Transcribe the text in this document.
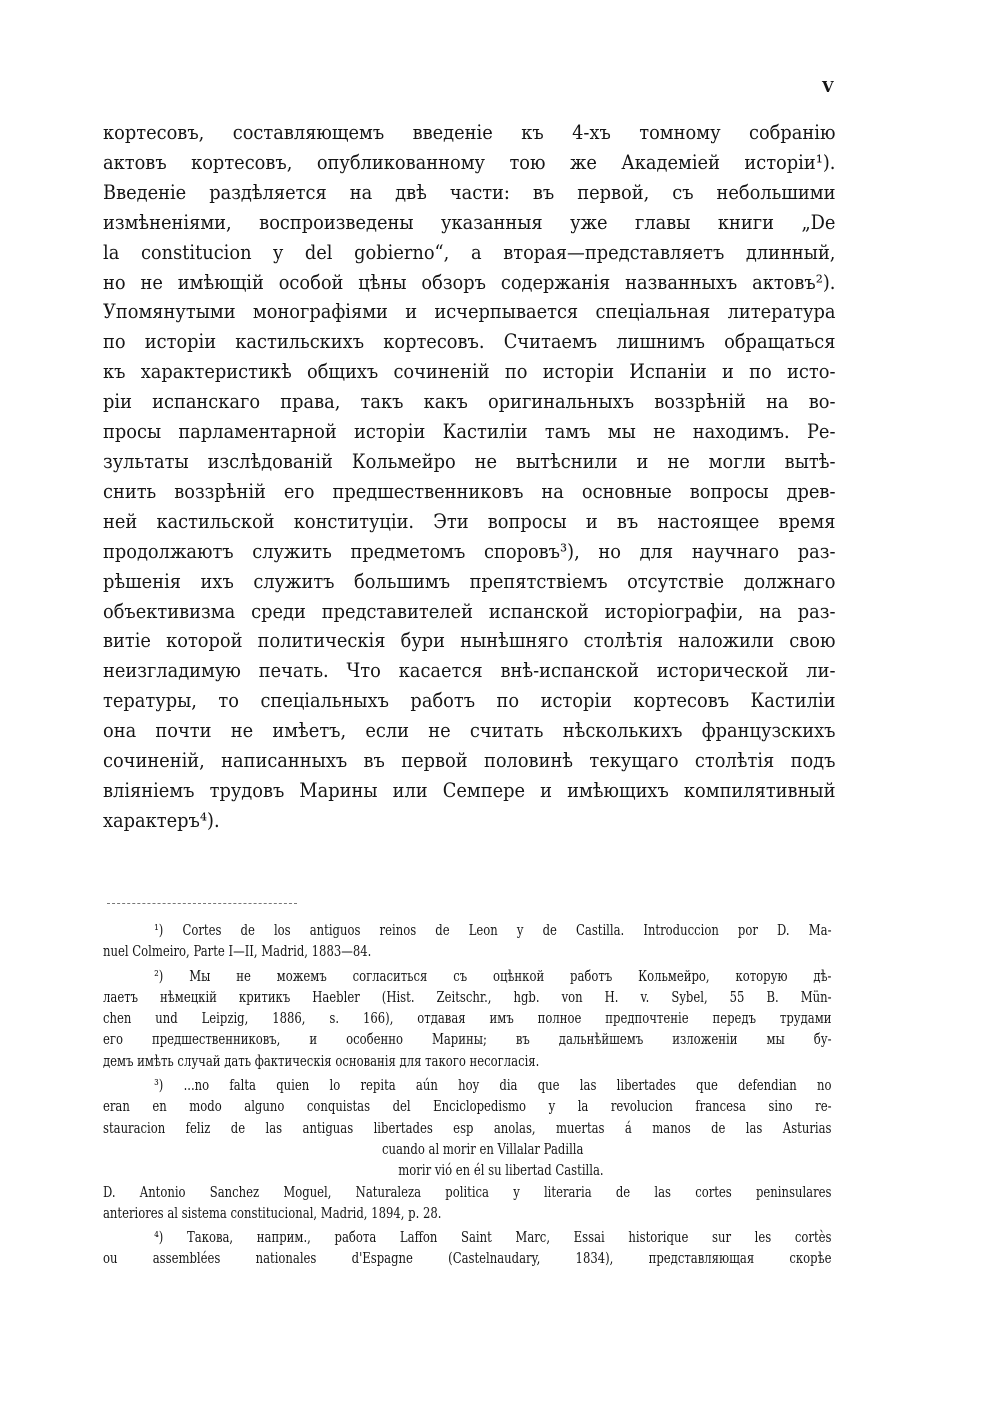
V
кортесовъ, составляющемъ введеніе къ 4-хъ томному собранію
актовъ кортесовъ, опубликованному тою же Академіей исторіи¹).
Введеніе раздѣляется на двѣ части: въ первой, съ небольшими
измѣненіями, воспроизведены указанныя уже главы книги „De
la constitucion y del gobierno“, а вторая—представляетъ длинный,
но не имѣющій особой цѣны обзоръ содержанія названныхъ актовъ²).
Упомянутыми монографіями и исчерпывается спеціальная литература
по исторіи кастильскихъ кортесовъ. Считаемъ лишнимъ обращаться
къ характеристикѣ общихъ сочиненій по исторіи Испаніи и по исто-
ріи испанскаго права, такъ какъ оригинальныхъ воззрѣній на во-
просы парламентарной исторіи Кастиліи тамъ мы не находимъ. Ре-
зультаты изслѣдованій Кольмейро не вытѣснили и не могли вытѣ-
снить воззрѣній его предшественниковъ на основные вопросы древ-
ней кастильской конституціи. Эти вопросы и въ настоящее время
продолжаютъ служить предметомъ споровъ³), но для научнаго раз-
рѣшенія ихъ служитъ большимъ препятствіемъ отсутствіе должнаго
объективизма среди представителей испанской исторіографіи, на раз-
витіе которой политическія бури нынѣшняго столѣтія наложили свою
неизгладимую печать. Что касается внѣ-испанской исторической ли-
тературы, то спеціальныхъ работъ по исторіи кортесовъ Кастиліи
она почти не имѣетъ, если не считать нѣсколькихъ французскихъ
сочиненій, написанныхъ въ первой половинѣ текущаго столѣтія подъ
вліяніемъ трудовъ Марины или Семпере и имѣющихъ компилятивный
характеръ⁴).
¹) Cortes de los antiguos reinos de Leon y de Castilla. Introduccion por D. Ma-
nuel Colmeiro, Parte I—II, Madrid, 1883—84.
²) Мы не можемъ согласиться съ оцѣнкой работъ Кольмейро, которую дѣ-
лаетъ нѣмецкій критикъ Haebler (Hist. Zeitschr., hgb. von H. v. Sybel, 55 B. Mün-
chen und Leipzig, 1886, s. 166), отдавая имъ полное предпочтеніе передъ трудами
его предшественниковъ, и особенно Марины; въ дальнѣйшемъ изложеніи мы бу-
демъ имѣть случай дать фактическія основанія для такого несогласія.
³) ...no falta quien lo repita aún hoy dia que las libertades que defendian no
eran en modo alguno conquistas del Enciclopedismo y la revolucion francesa sino re-
stauracion feliz de las antiguas libertades esp anolas, muertas á manos de las Asturias
cuando al morir en Villalar Padilla
morir vió en él su libertad Castilla.
D. Antonio Sanchez Moguel, Naturaleza politica y literaria de las cortes peninsulares
anteriores al sistema constitucional, Madrid, 1894, p. 28.
⁴) Такова, наприм., работа Laffon Saint Marc, Essai historique sur les cortès
ou assemblées nationales d'Espagne (Castelnaudary, 1834), представляющая скорѣе
